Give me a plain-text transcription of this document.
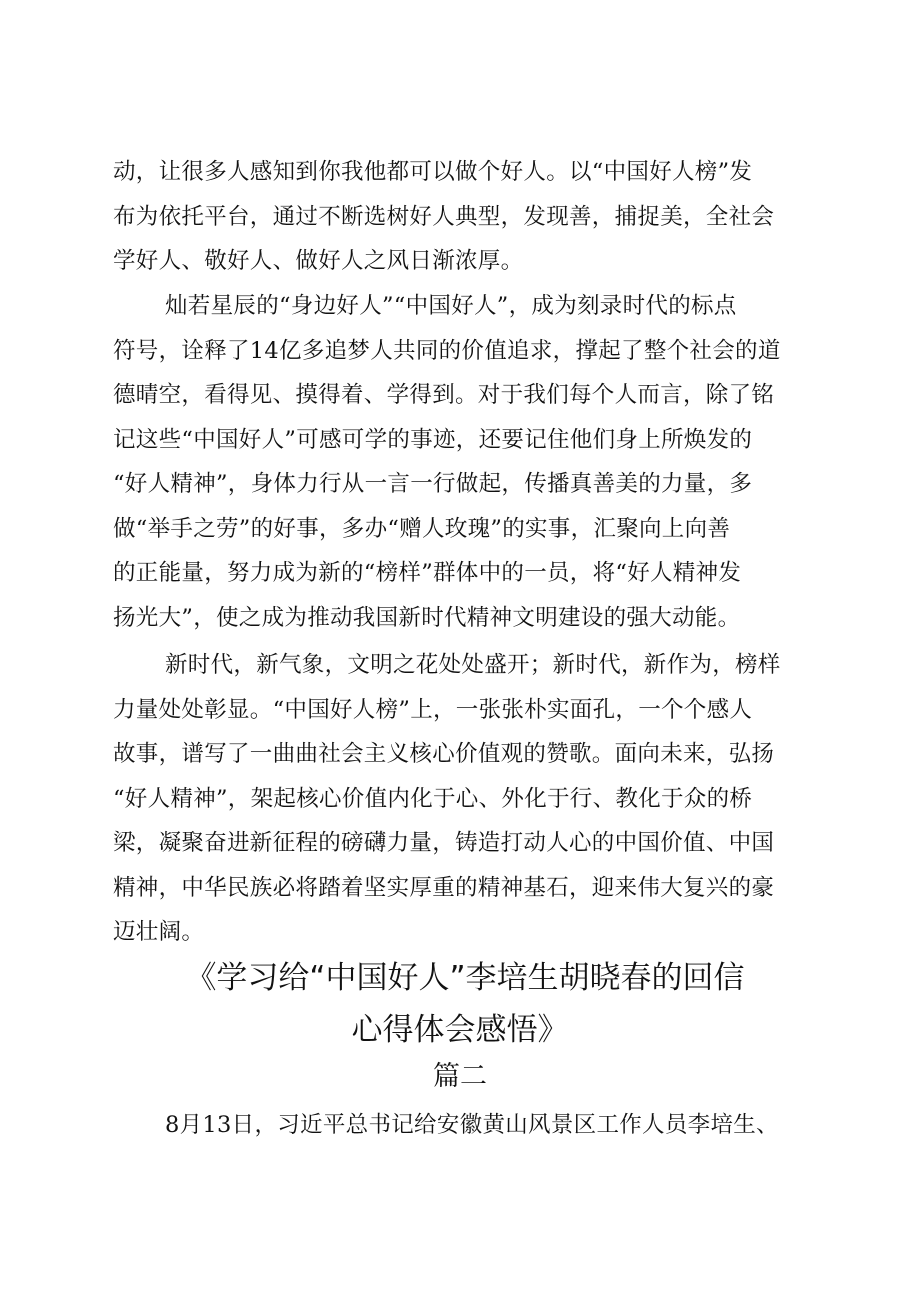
动，让很多人感知到你我他都可以做个好人。以“中国好人榜”发
布为依托平台，通过不断选树好人典型，发现善，捕捉美，全社会
学好人、敬好人、做好人之风日渐浓厚。
灿若星辰的“身边好人”“中国好人”，成为刻录时代的标点
符号，诠释了14亿多追梦人共同的价值追求，撑起了整个社会的道
德晴空，看得见、摸得着、学得到。对于我们每个人而言，除了铭
记这些“中国好人”可感可学的事迹，还要记住他们身上所焕发的
“好人精神”，身体力行从一言一行做起，传播真善美的力量，多
做“举手之劳”的好事，多办“赠人玫瑰”的实事，汇聚向上向善
的正能量，努力成为新的“榜样”群体中的一员，将“好人精神发
扬光大”，使之成为推动我国新时代精神文明建设的强大动能。
新时代，新气象，文明之花处处盛开；新时代，新作为，榜样
力量处处彰显。“中国好人榜”上，一张张朴实面孔，一个个感人
故事，谱写了一曲曲社会主义核心价值观的赞歌。面向未来，弘扬
“好人精神”，架起核心价值内化于心、外化于行、教化于众的桥
梁，凝聚奋进新征程的磅礴力量，铸造打动人心的中国价值、中国
精神，中华民族必将踏着坚实厚重的精神基石，迎来伟大复兴的豪
迈壮阔。
《学习给“中国好人”李培生胡晓春的回信
心得体会感悟》
篇二
8月13日，习近平总书记给安徽黄山风景区工作人员李培生、
